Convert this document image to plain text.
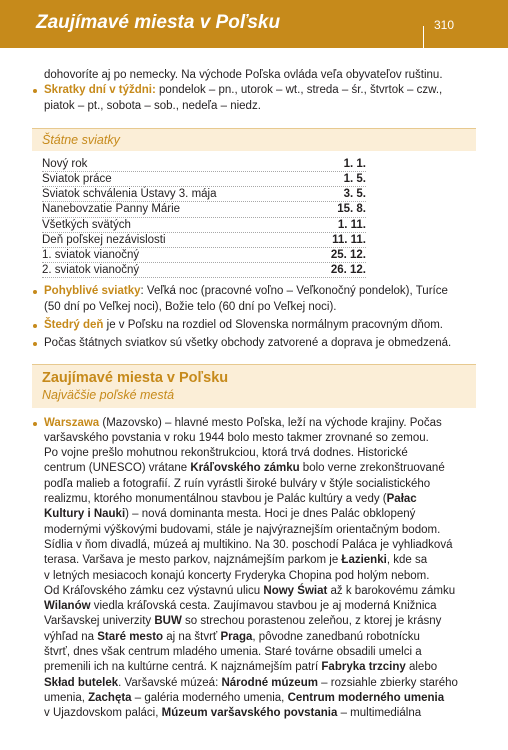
Zaujímavé miesta v Poľsku	310

dohovoríte aj po nemecky. Na východe Poľska ovláda veľa obyvateľov ruštinu.

Skratky dní v týždni: pondelok – pn., utorok – wt., streda – śr., štvrtok – czw.,
piatok – pt., sobota – sob., nedeľa – niedz.
Štátne sviatky
Nový rok	1. 1.
Sviatok práce	1. 5.
Sviatok schválenia Ústavy 3. mája	3. 5.
Nanebovzatie Panny Márie	15. 8.
Všetkých svätých	1. 11.
Deň poľskej nezávislosti	11. 11.
1. sviatok vianočný	25. 12.
2. sviatok vianočný	26. 12.
Pohyblivé sviatky: Veľká noc (pracovné voľno – Veľkonočný pondelok), Turíce
(50 dní po Veľkej noci), Božie telo (60 dní po Veľkej noci).
Štedrý deň je v Poľsku na rozdiel od Slovenska normálnym pracovným dňom.
Počas štátnych sviatkov sú všetky obchody zatvorené a doprava je obmedzená.
Zaujímavé miesta v Poľsku
Najväčšie poľské mestá
Warszawa (Mazovsko) – hlavné mesto Poľska, leží na východe krajiny. Počas
varšavského povstania v roku 1944 bolo mesto takmer zrovnané so zemou.
Po vojne prešlo mohutnou rekonštrukciou, ktorá trvá dodnes. Historické
centrum (UNESCO) vrátane Kráľovského zámku bolo verne zrekonštruované
podľa malieb a fotografií. Z ruín vyrástli široké bulváry v štýle socialistického
realizmu, ktorého monumentálnou stavbou je Palác kultúry a vedy (Pałac
Kultury i Nauki) – nová dominanta mesta. Hoci je dnes Palác obklopený
modernými výškovými budovami, stále je najvýraznejším orientačným bodom.
Sídlia v ňom divadlá, múzeá aj multikino. Na 30. poschodí Paláca je vyhliadková
terasa. Varšava je mesto parkov, najznámejším parkom je Łazienki, kde sa
v letných mesiacoch konajú koncerty Fryderyka Chopina pod holým nebom.
Od Kráľovského zámku cez výstavnú ulicu Nowy Świat až k barokovému zámku
Wilanów viedla kráľovská cesta. Zaujímavou stavbou je aj moderná Knižnica
Varšavskej univerzity BUW so strechou porastenou zeleňou, z ktorej je krásny
výhľad na Staré mesto aj na štvrť Praga, pôvodne zanedbanú robotnícku
štvrť, dnes však centrum mladého umenia. Staré továrne obsadili umelci a
premenili ich na kultúrne centrá. K najznámejším patrí Fabryka trzciny alebo
Skład butelek. Varšavské múzeá: Národné múzeum – rozsiahle zbierky starého
umenia, Zachęta – galéria moderného umenia, Centrum moderného umenia
v Ujazdovskom paláci, Múzeum varšavského povstania – multimediálna
